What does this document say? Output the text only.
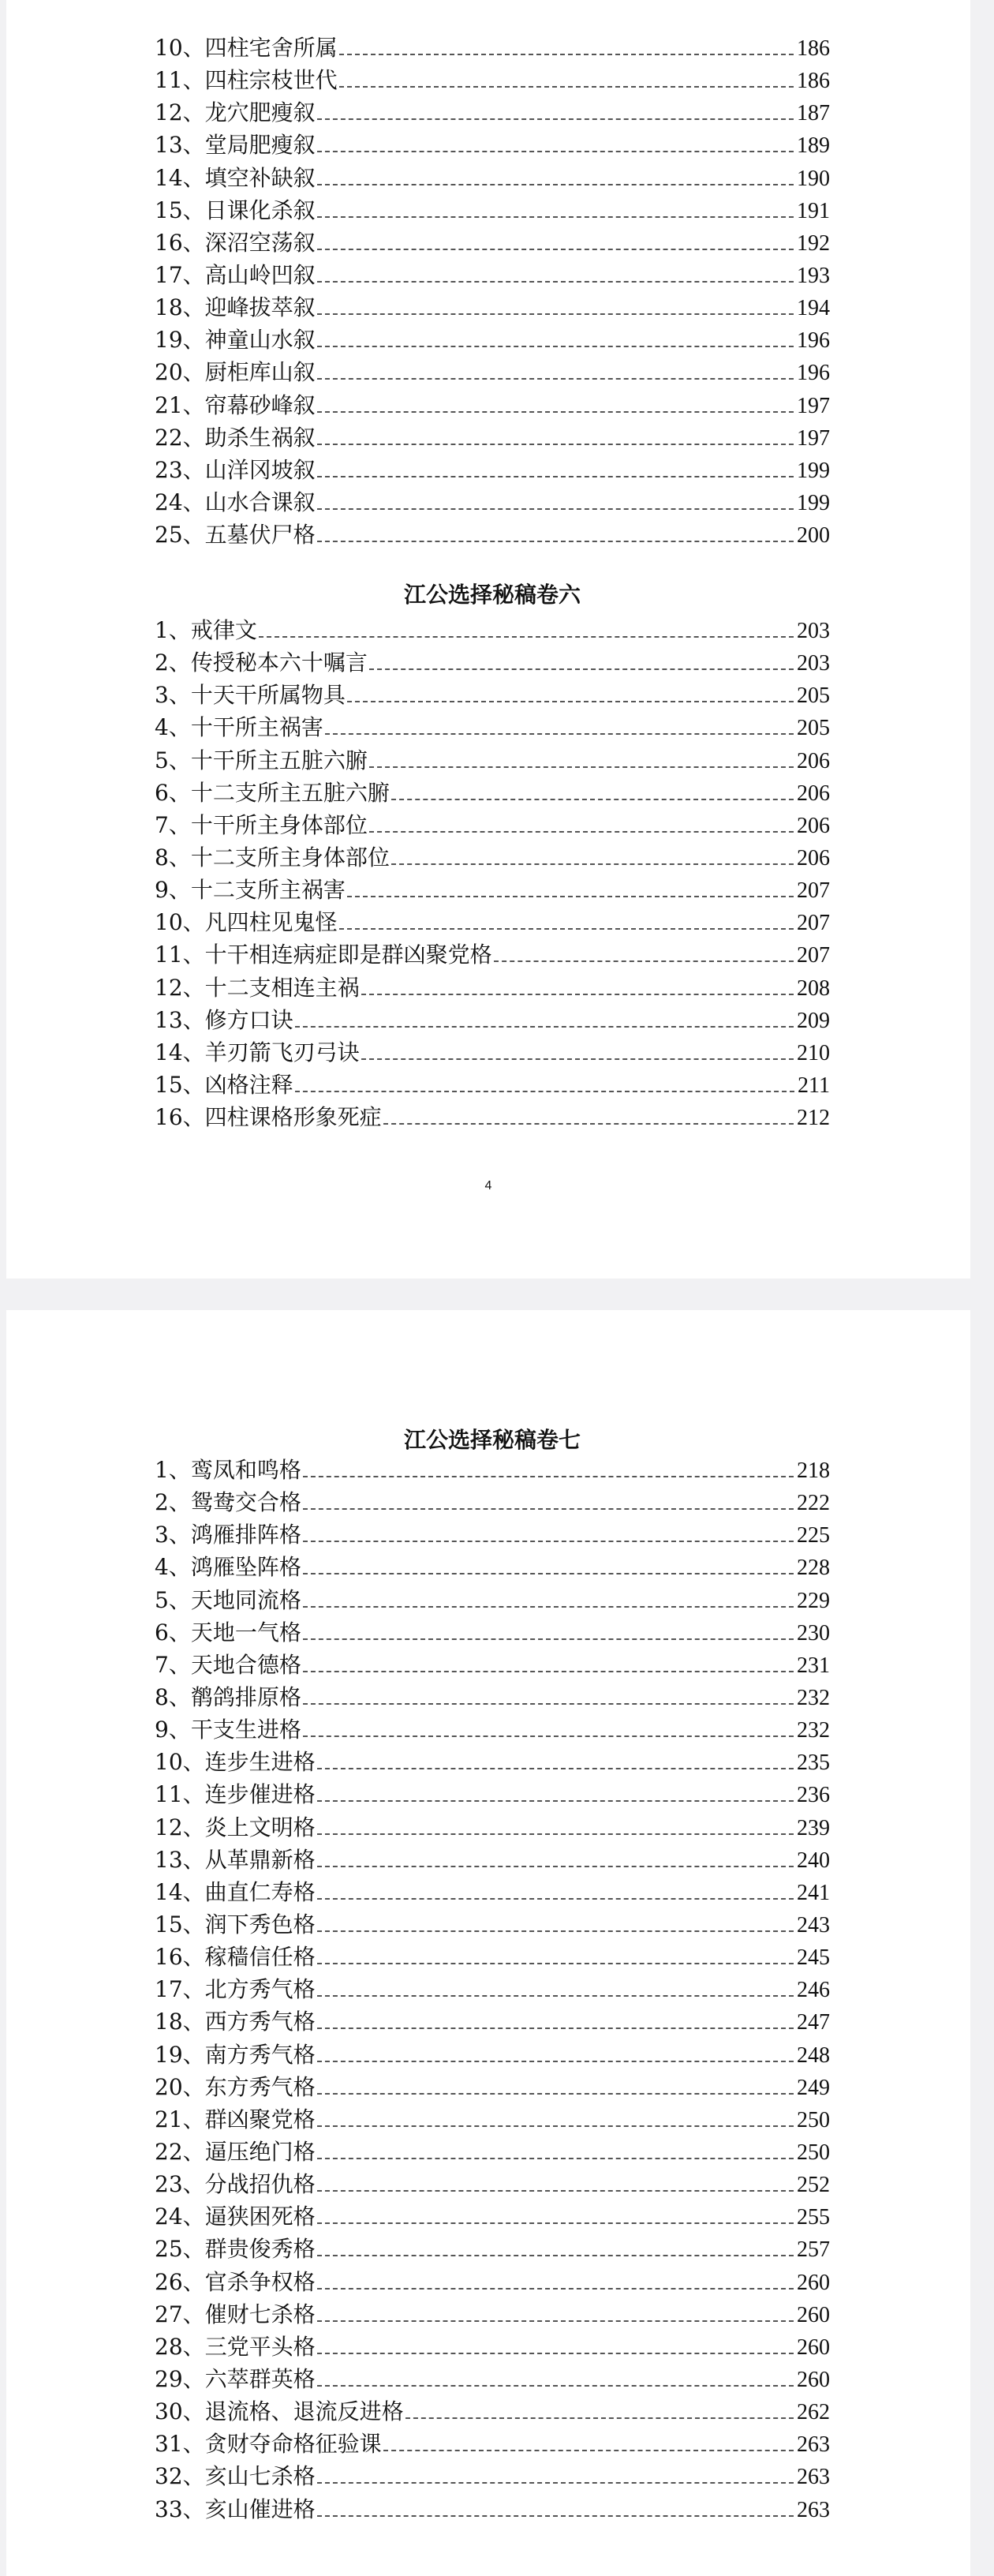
10、四柱宅舍所属	186
11、四柱宗枝世代	186
12、龙穴肥瘦叙	187
13、堂局肥瘦叙	189
14、填空补缺叙	190
15、日课化杀叙	191
16、深沼空荡叙	192
17、高山岭凹叙	193
18、迎峰拔萃叙	194
19、神童山水叙	196
20、厨柜库山叙	196
21、帘幕砂峰叙	197
22、助杀生祸叙	197
23、山洋冈坡叙	199
24、山水合课叙	199
25、五墓伏尸格	200
江公选择秘稿卷六
1、戒律文	203
2、传授秘本六十嘱言	203
3、十天干所属物具	205
4、十干所主祸害	205
5、十干所主五脏六腑	206
6、十二支所主五脏六腑	206
7、十干所主身体部位	206
8、十二支所主身体部位	206
9、十二支所主祸害	207
10、凡四柱见鬼怪	207
11、十干相连病症即是群凶聚党格	207
12、十二支相连主祸	208
13、修方口诀	209
14、羊刃箭飞刃弓诀	210
15、凶格注释	211
16、四柱课格形象死症	212
4
江公选择秘稿卷七
1、鸾凤和鸣格	218
2、鸳鸯交合格	222
3、鸿雁排阵格	225
4、鸿雁坠阵格	228
5、天地同流格	229
6、天地一气格	230
7、天地合德格	231
8、鹡鸽排原格	232
9、干支生进格	232
10、连步生进格	235
11、连步催进格	236
12、炎上文明格	239
13、从革鼎新格	240
14、曲直仁寿格	241
15、润下秀色格	243
16、稼穑信任格	245
17、北方秀气格	246
18、西方秀气格	247
19、南方秀气格	248
20、东方秀气格	249
21、群凶聚党格	250
22、逼压绝门格	250
23、分战招仇格	252
24、逼狭困死格	255
25、群贵俊秀格	257
26、官杀争权格	260
27、催财七杀格	260
28、三党平头格	260
29、六萃群英格	260
30、退流格、退流反进格	262
31、贪财夺命格征验课	263
32、亥山七杀格	263
33、亥山催进格	263
